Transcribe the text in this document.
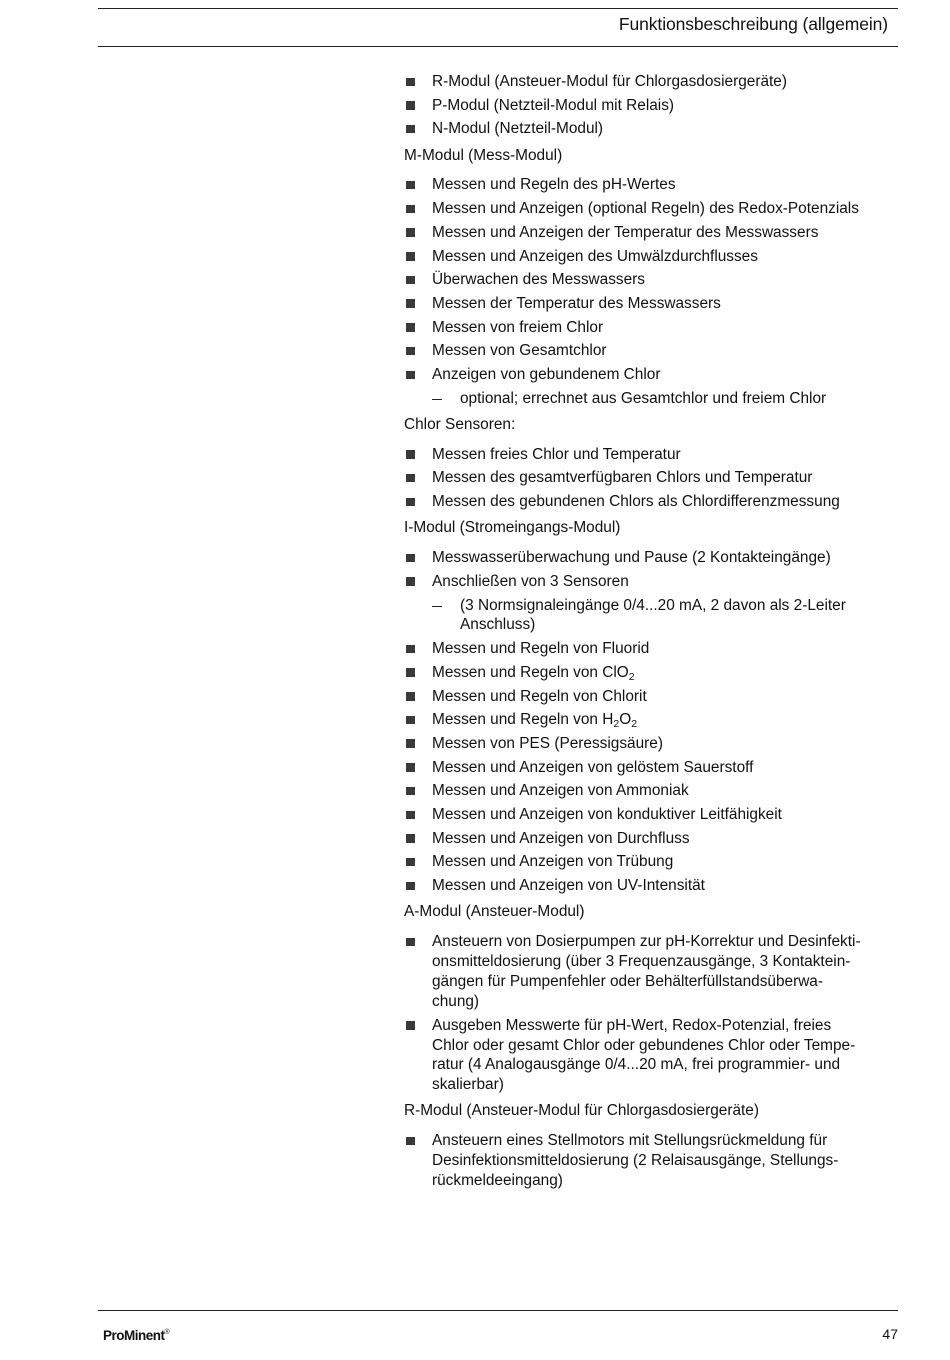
Funktionsbeschreibung (allgemein)
R-Modul (Ansteuer-Modul für Chlorgasdosiergeräte)
P-Modul (Netzteil-Modul mit Relais)
N-Modul (Netzteil-Modul)
M-Modul (Mess-Modul)
Messen und Regeln des pH-Wertes
Messen und Anzeigen (optional Regeln) des Redox-Potenzials
Messen und Anzeigen der Temperatur des Messwassers
Messen und Anzeigen des Umwälzdurchflusses
Überwachen des Messwassers
Messen der Temperatur des Messwassers
Messen von freiem Chlor
Messen von Gesamtchlor
Anzeigen von gebundenem Chlor
optional; errechnet aus Gesamtchlor und freiem Chlor
Chlor Sensoren:
Messen freies Chlor und Temperatur
Messen des gesamtverfügbaren Chlors und Temperatur
Messen des gebundenen Chlors als Chlordifferenzmessung
I-Modul (Stromeingangs-Modul)
Messwasserüberwachung und Pause (2 Kontakteingänge)
Anschließen von 3 Sensoren
(3 Normsignaleingänge 0/4...20 mA, 2 davon als 2-Leiter Anschluss)
Messen und Regeln von Fluorid
Messen und Regeln von ClO$_2$
Messen und Regeln von Chlorit
Messen und Regeln von $H_2O_2$
Messen von PES (Peressigsäure)
Messen und Anzeigen von gelöstem Sauerstoff
Messen und Anzeigen von Ammoniak
Messen und Anzeigen von konduktiver Leitfähigkeit
Messen und Anzeigen von Durchfluss
Messen und Anzeigen von Trübung
Messen und Anzeigen von UV-Intensität
A-Modul (Ansteuer-Modul)
Ansteuern von Dosierpumpen zur pH-Korrektur und Desinfekti-
onsmitteldosierung (über 3 Frequenzausgänge, 3 Kontaktein-
gängen für Pumpenfehler oder Behälterfüllstandsüberwa-
chung)
Ausgeben Messwerte für pH-Wert, Redox-Potenzial, freies
Chlor oder gesamt Chlor oder gebundenes Chlor oder Tempe-
ratur (4 Analogausgänge 0/4...20 mA, frei programmier- und
skalierbar)
R-Modul (Ansteuer-Modul für Chlorgasdosiergeräte)
Ansteuern eines Stellmotors mit Stellungsrückmeldung für
Desinfektionsmitteldosierung (2 Relaisausgänge, Stellungs-
rückmeldeeingang)
ProMinent®	47
